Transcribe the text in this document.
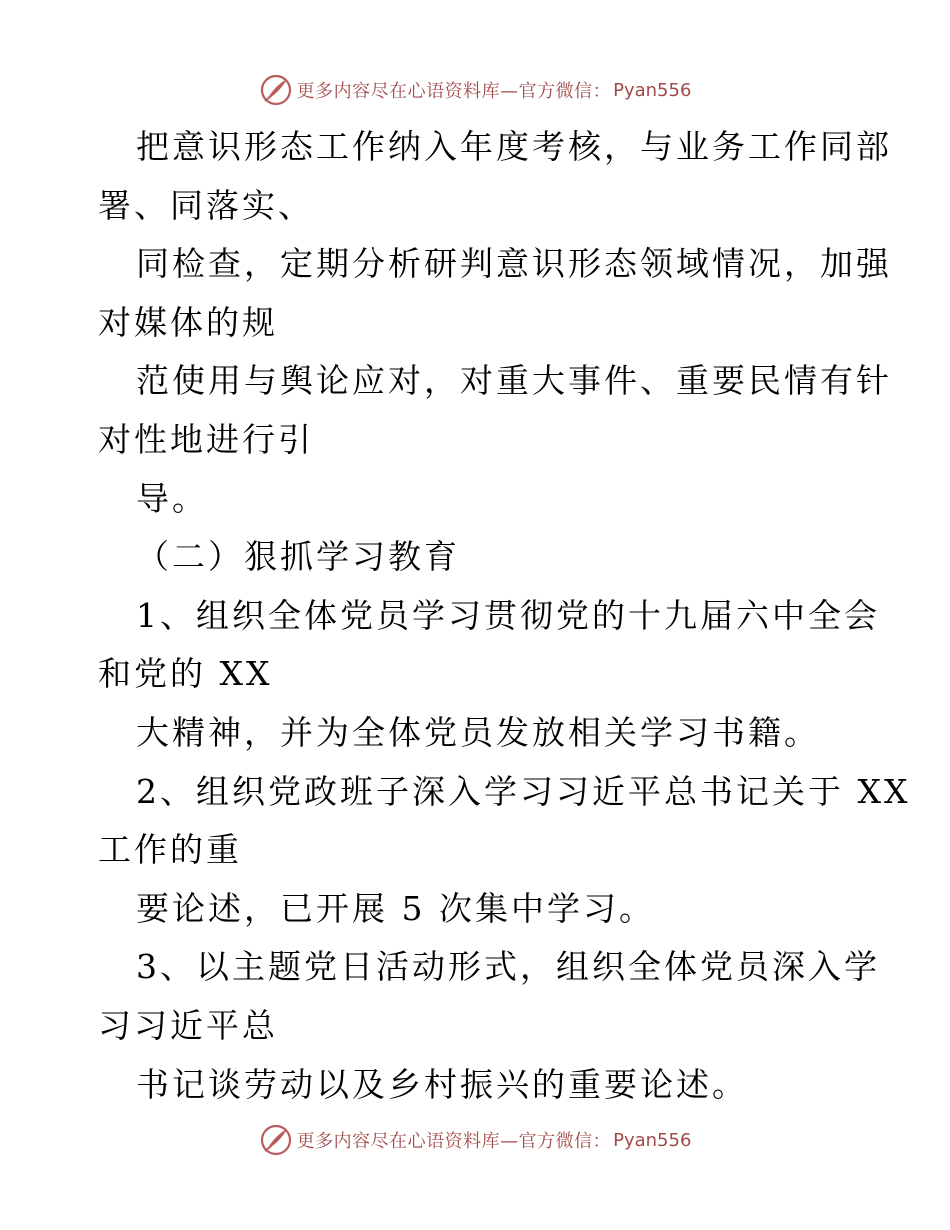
更多内容尽在心语资料库—官方微信： Pyan556
把意识形态工作纳入年度考核，与业务工作同部
署、同落实、
同检查，定期分析研判意识形态领域情况，加强
对媒体的规
范使用与舆论应对，对重大事件、重要民情有针
对性地进行引
导。
（二）狠抓学习教育
1、组织全体党员学习贯彻党的十九届六中全会
和党的 XX
大精神，并为全体党员发放相关学习书籍。
2、组织党政班子深入学习习近平总书记关于 XX
工作的重
要论述，已开展 5 次集中学习。
3、以主题党日活动形式，组织全体党员深入学
习习近平总
书记谈劳动以及乡村振兴的重要论述。
更多内容尽在心语资料库—官方微信： Pyan556
